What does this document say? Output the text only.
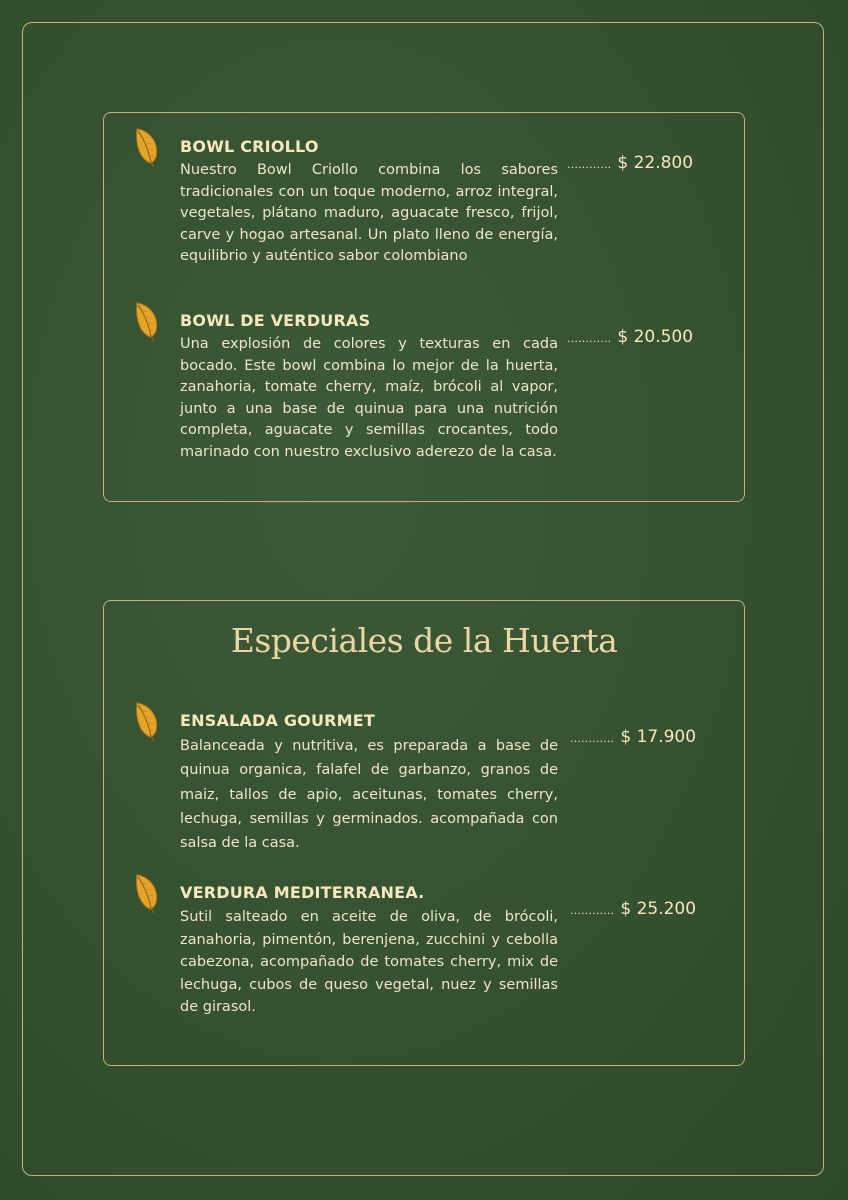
BOWL CRIOLLO

Nuestro Bowl Criollo combina los sabores tradicionales con un toque moderno, arroz integral, vegetales, plátano maduro, aguacate fresco, frijol, carve y hogao artesanal. Un plato lleno de energía, equilibrio y auténtico sabor colombiano

............ $ 22.800
BOWL DE VERDURAS

Una explosión de colores y texturas en cada bocado. Este bowl combina lo mejor de la huerta, zanahoria, tomate cherry, maíz, brócoli al vapor, junto a una base de quinua para una nutrición completa, aguacate y semillas crocantes, todo marinado con nuestro exclusivo aderezo de la casa.

............ $ 20.500
Especiales de la Huerta
ENSALADA GOURMET

Balanceada y nutritiva, es preparada a base de quinua organica, falafel de garbanzo, granos de maiz, tallos de apio, aceitunas, tomates cherry, lechuga, semillas y germinados. acompañada con salsa de la casa.

............ $ 17.900
VERDURA MEDITERRANEA.

Sutil salteado en aceite de oliva, de brócoli, zanahoria, pimentón, berenjena, zucchini y cebolla cabezona, acompañado de tomates cherry, mix de lechuga, cubos de queso vegetal, nuez y semillas de girasol.

............ $ 25.200
